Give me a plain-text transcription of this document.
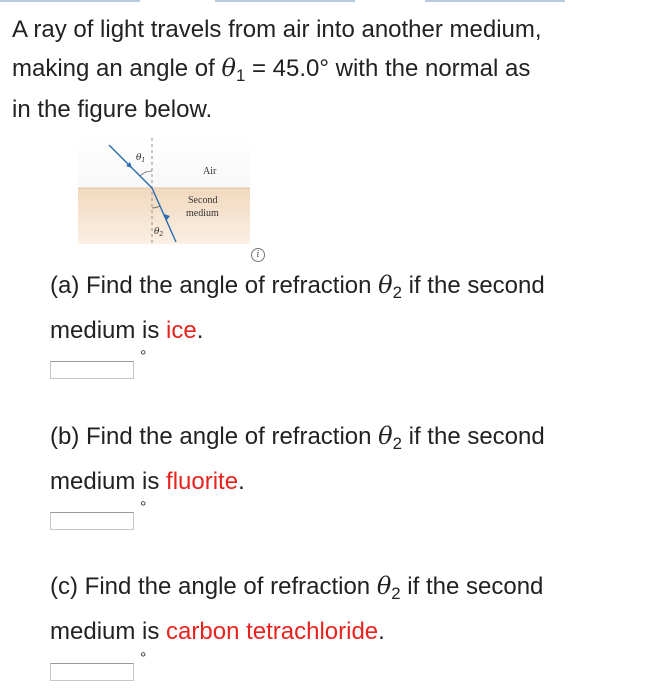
A ray of light travels from air into another medium,
making an angle of $\theta_1 = 45.0^\circ$ with the normal as
in the figure below.
$\theta_1$
$\theta_2$
Air
Second
medium
i
(a) Find the angle of refraction $\theta_2$ if the second
medium is ice.
°
(b) Find the angle of refraction $\theta_2$ if the second
medium is fluorite.
°
(c) Find the angle of refraction $\theta_2$ if the second
medium is carbon tetrachloride.
°
